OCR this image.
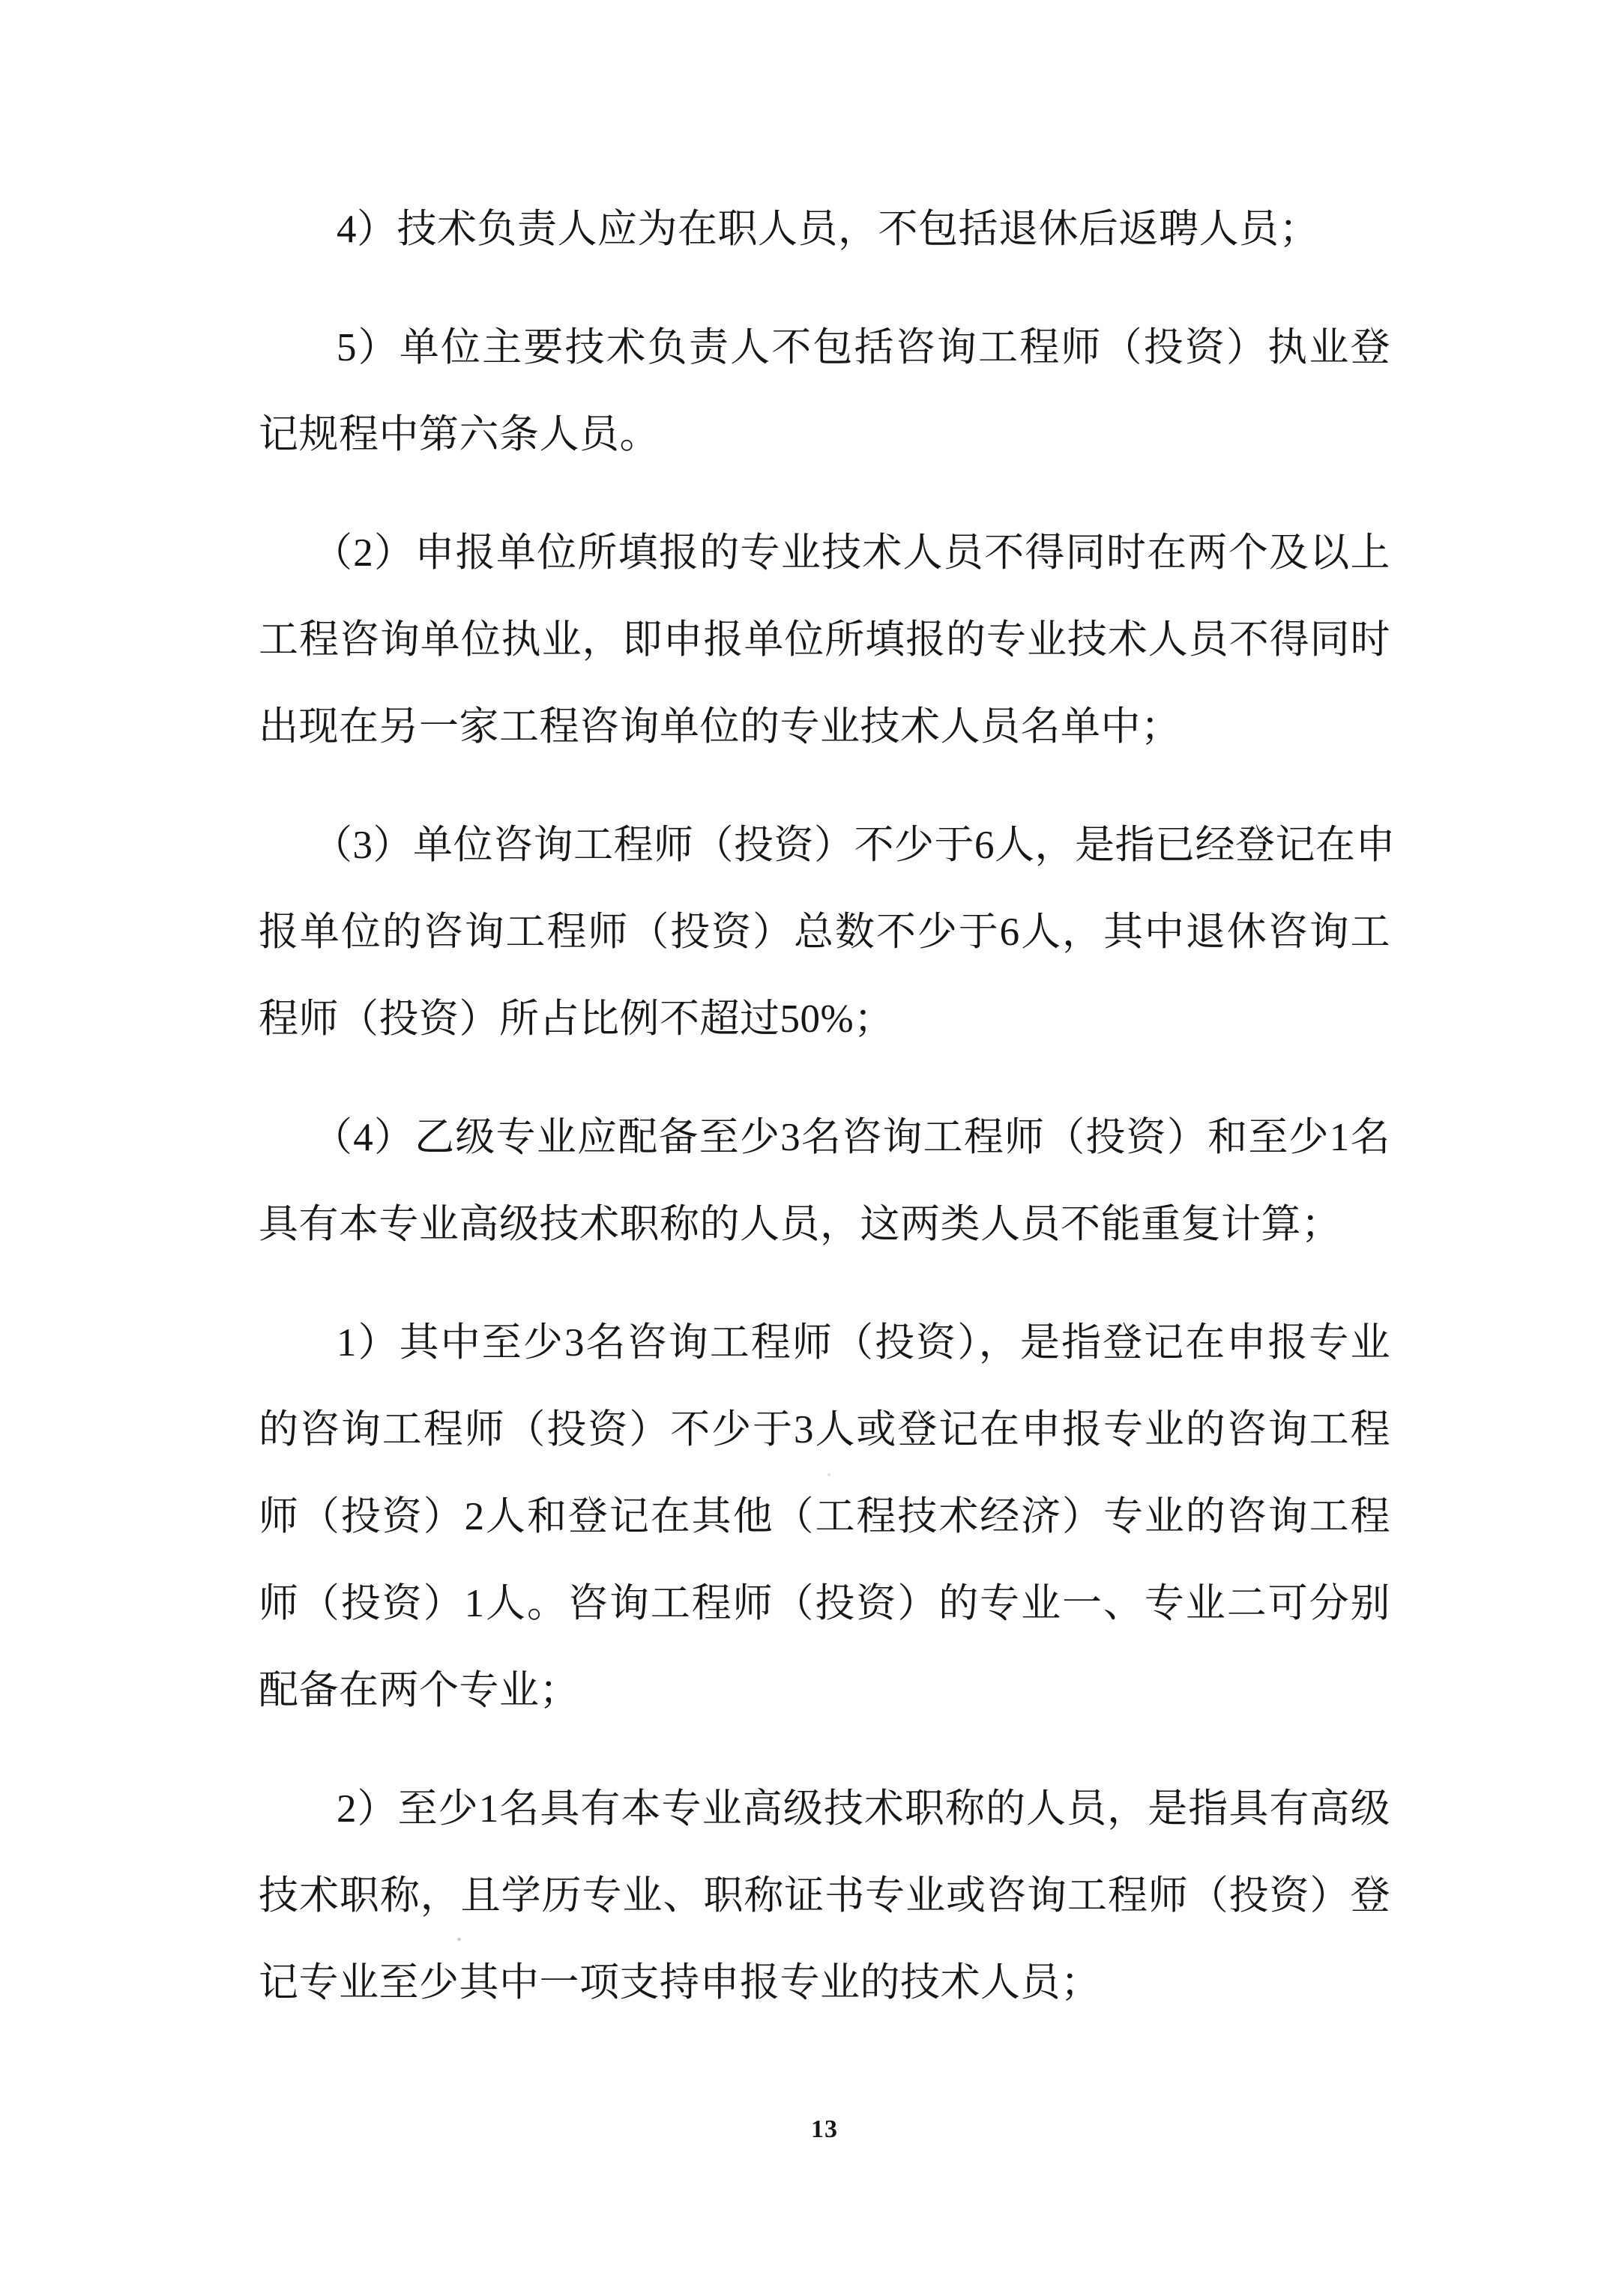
4）技术负责人应为在职人员，不包括退休后返聘人员；
5）单位主要技术负责人不包括咨询工程师（投资）执业登
记规程中第六条人员。
（2）申报单位所填报的专业技术人员不得同时在两个及以上
工程咨询单位执业，即申报单位所填报的专业技术人员不得同时
出现在另一家工程咨询单位的专业技术人员名单中；
（3）单位咨询工程师（投资）不少于6人，是指已经登记在申
报单位的咨询工程师（投资）总数不少于6人，其中退休咨询工
程师（投资）所占比例不超过50%；
（4）乙级专业应配备至少3名咨询工程师（投资）和至少1名
具有本专业高级技术职称的人员，这两类人员不能重复计算；
1）其中至少3名咨询工程师（投资），是指登记在申报专业
的咨询工程师（投资）不少于3人或登记在申报专业的咨询工程
师（投资）2人和登记在其他（工程技术经济）专业的咨询工程
师（投资）1人。咨询工程师（投资）的专业一、专业二可分别
配备在两个专业；
2）至少1名具有本专业高级技术职称的人员，是指具有高级
技术职称，且学历专业、职称证书专业或咨询工程师（投资）登
记专业至少其中一项支持申报专业的技术人员；
13
